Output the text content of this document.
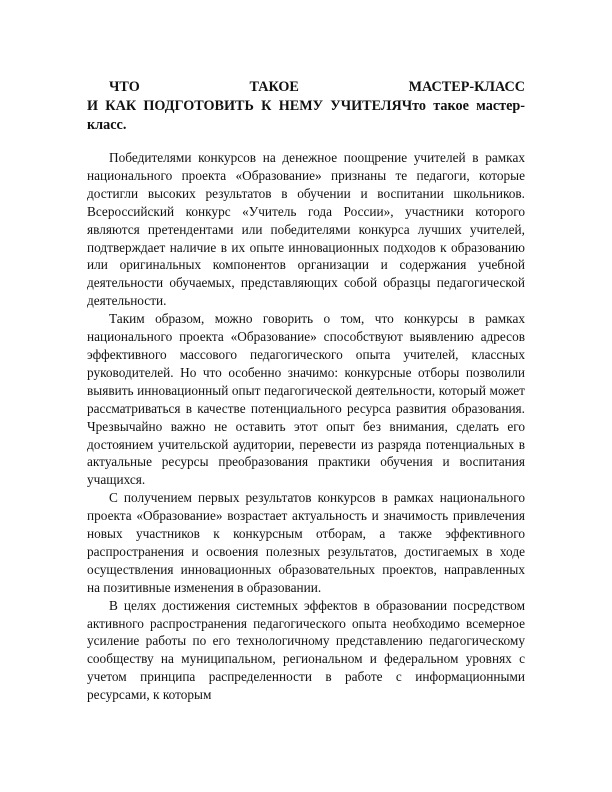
ЧТО	ТАКОЕ	МАСТЕР-КЛАСС
И КАК ПОДГОТОВИТЬ К НЕМУ УЧИТЕЛЯЧто такое мастер-
класс.

Победителями конкурсов на денежное поощрение учителей в рамках национального проекта «Образование» признаны те педагоги, которые достигли высоких результатов в обучении и воспитании школьников. Всероссийский конкурс «Учитель года России», участники которого являются претендентами или победителями конкурса лучших учителей, подтверждает наличие в их опыте инновационных подходов к образованию или оригинальных компонентов организации и содержания учебной деятельности обучаемых, представляющих собой образцы педагогической деятельности.

Таким образом, можно говорить о том, что конкурсы в рамках национального проекта «Образование» способствуют выявлению адресов эффективного массового педагогического опыта учителей, классных руководителей. Но что особенно значимо: конкурсные отборы позволили выявить инновационный опыт педагогической деятельности, который может рассматриваться в качестве потенциального ресурса развития образования. Чрезвычайно важно не оставить этот опыт без внимания, сделать его достоянием учительской аудитории, перевести из разряда потенциальных в актуальные ресурсы преобразования практики обучения и воспитания учащихся.

С получением первых результатов конкурсов в рамках национального проекта «Образование» возрастает актуальность и значимость привлечения новых участников к конкурсным отборам, а также эффективного распространения и освоения полезных результатов, достигаемых в ходе осуществления инновационных образовательных проектов, направленных на позитивные изменения в образовании.

В целях достижения системных эффектов в образовании посредством активного распространения педагогического опыта необходимо всемерное усиление работы по его технологичному представлению педагогическому сообществу на муниципальном, региональном и федеральном уровнях с учетом принципа распределенности в работе с информационными ресурсами, к которым
